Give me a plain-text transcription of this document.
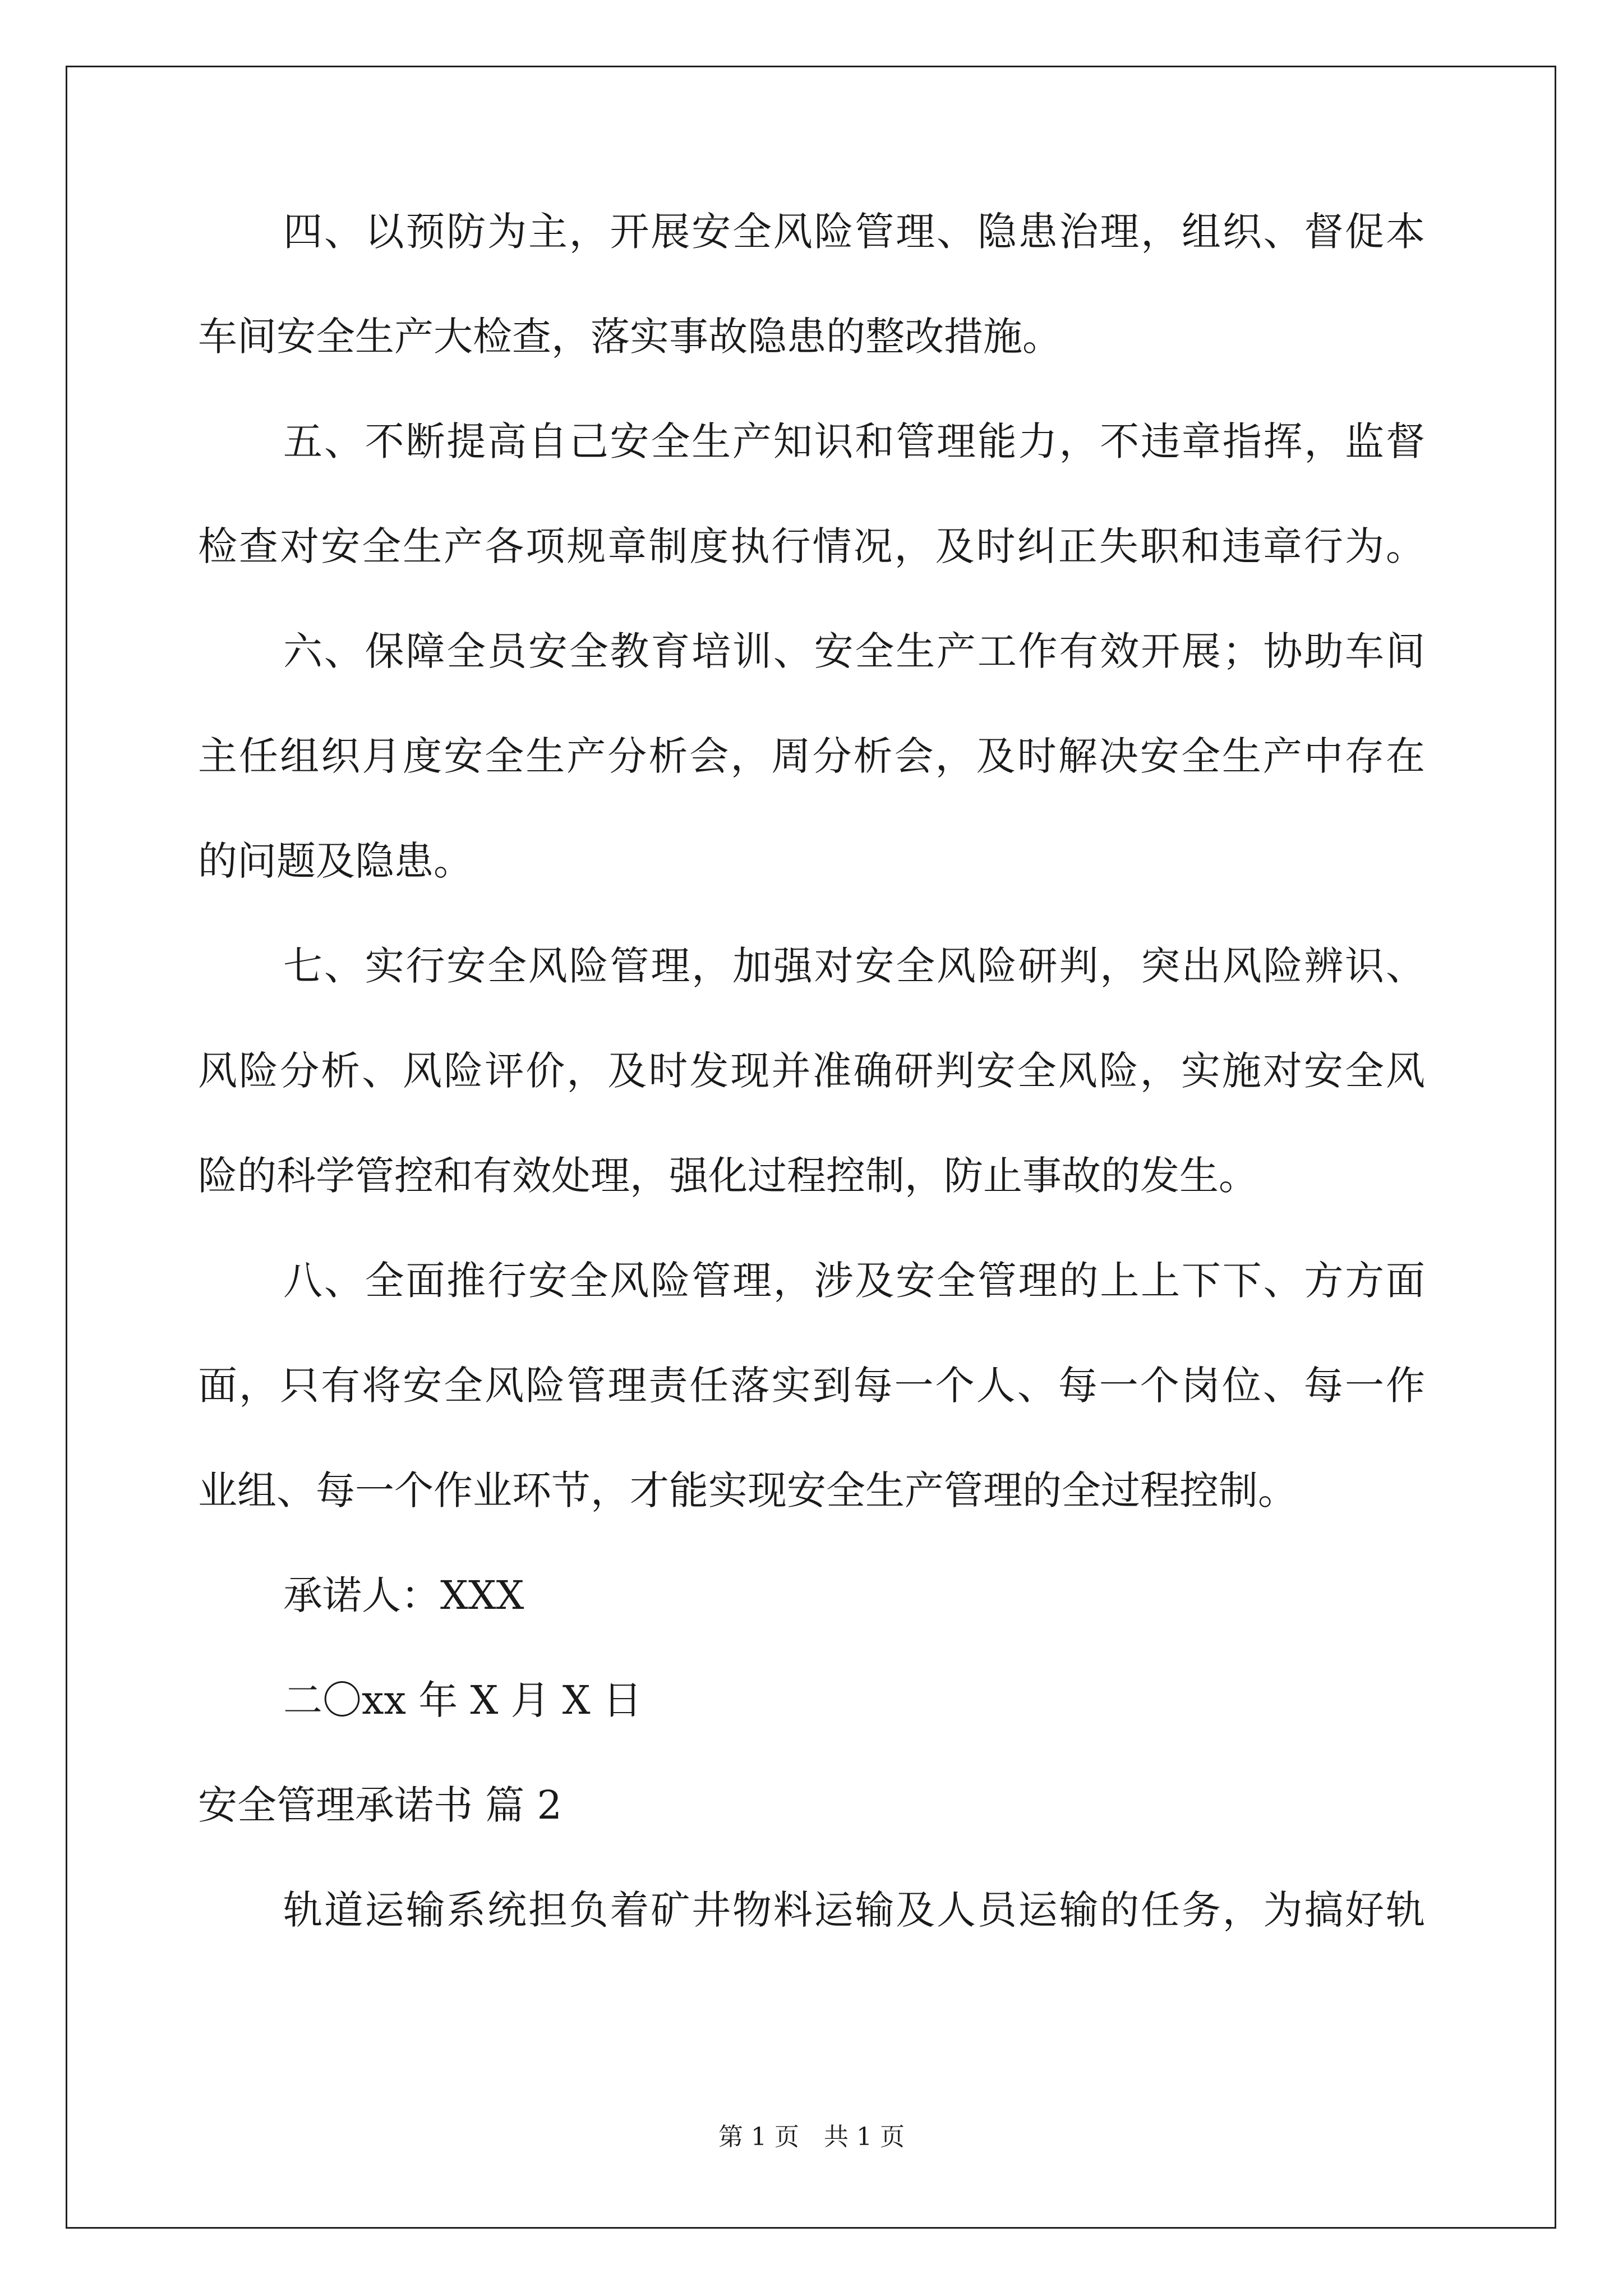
四、以预防为主，开展安全风险管理、隐患治理，组织、督促本
车间安全生产大检查，落实事故隐患的整改措施。
五、不断提高自己安全生产知识和管理能力，不违章指挥，监督
检查对安全生产各项规章制度执行情况，及时纠正失职和违章行为。
六、保障全员安全教育培训、安全生产工作有效开展；协助车间
主任组织月度安全生产分析会，周分析会，及时解决安全生产中存在
的问题及隐患。
七、实行安全风险管理，加强对安全风险研判，突出风险辨识、
风险分析、风险评价，及时发现并准确研判安全风险，实施对安全风
险的科学管控和有效处理，强化过程控制，防止事故的发生。
八、全面推行安全风险管理，涉及安全管理的上上下下、方方面
面，只有将安全风险管理责任落实到每一个人、每一个岗位、每一作
业组、每一个作业环节，才能实现安全生产管理的全过程控制。
承诺人：XXX
二〇xx 年 X 月 X 日
安全管理承诺书 篇 2
轨道运输系统担负着矿井物料运输及人员运输的任务，为搞好轨
第 1 页　共 1 页
